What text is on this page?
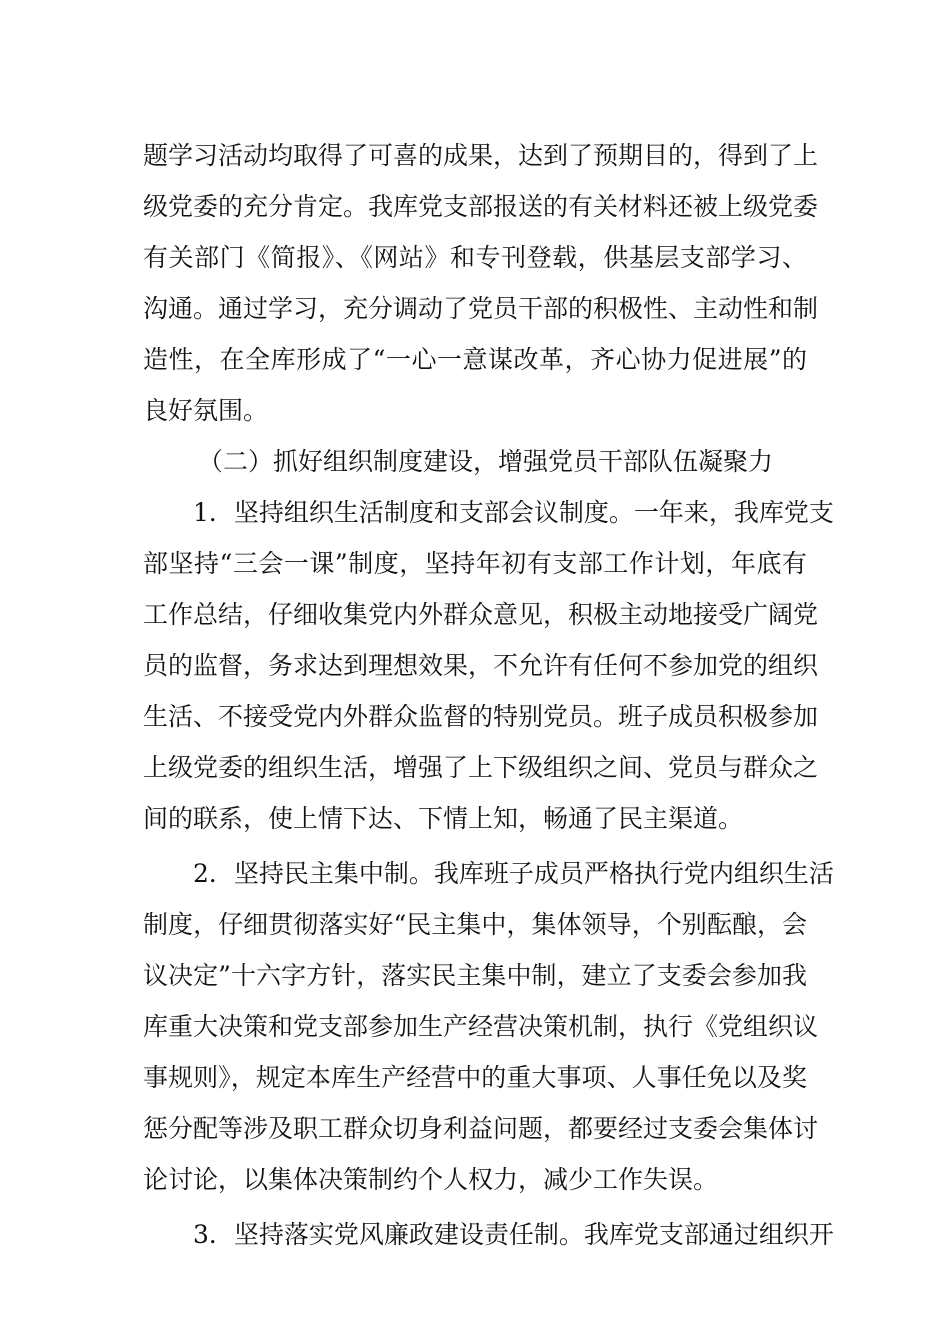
题学习活动均取得了可喜的成果，达到了预期目的，得到了上
级党委的充分肯定。我库党支部报送的有关材料还被上级党委
有关部门《简报》、《网站》和专刊登载，供基层支部学习、
沟通。通过学习，充分调动了党员干部的积极性、主动性和制
造性，在全库形成了“一心一意谋改革，齐心协力促进展”的
良好氛围。
（二）抓好组织制度建设，增强党员干部队伍凝聚力
1．坚持组织生活制度和支部会议制度。一年来，我库党支
部坚持“三会一课”制度，坚持年初有支部工作计划，年底有
工作总结，仔细收集党内外群众意见，积极主动地接受广阔党
员的监督，务求达到理想效果，不允许有任何不参加党的组织
生活、不接受党内外群众监督的特别党员。班子成员积极参加
上级党委的组织生活，增强了上下级组织之间、党员与群众之
间的联系，使上情下达、下情上知，畅通了民主渠道。
2．坚持民主集中制。我库班子成员严格执行党内组织生活
制度，仔细贯彻落实好“民主集中，集体领导，个别酝酿，会
议决定”十六字方针，落实民主集中制，建立了支委会参加我
库重大决策和党支部参加生产经营决策机制，执行《党组织议
事规则》，规定本库生产经营中的重大事项、人事任免以及奖
惩分配等涉及职工群众切身利益问题，都要经过支委会集体讨
论讨论，以集体决策制约个人权力，减少工作失误。
3．坚持落实党风廉政建设责任制。我库党支部通过组织开
